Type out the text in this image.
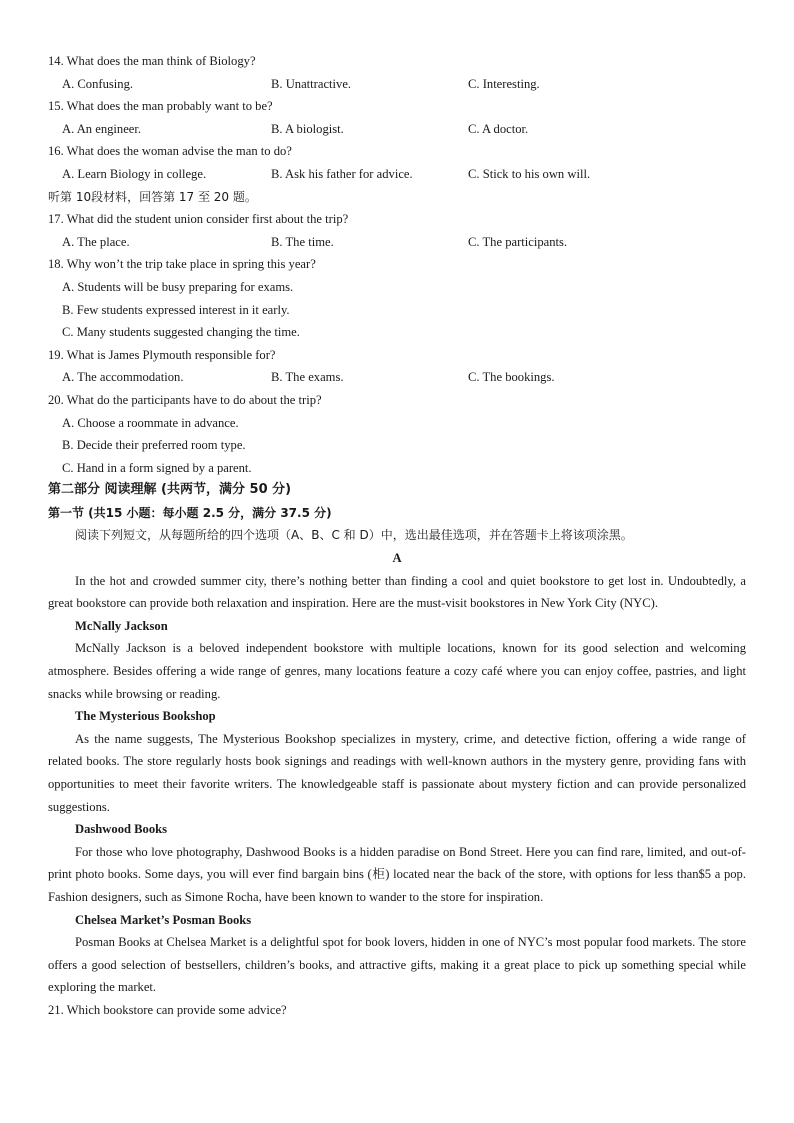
14. What does the man think of Biology?
A. Confusing.	B. Unattractive.	C. Interesting.
15. What does the man probably want to be?
A. An engineer.	B. A biologist.	C. A doctor.
16. What does the woman advise the man to do?
A. Learn Biology in college.	B. Ask his father for advice.	C. Stick to his own will.
听第 10段材料，回答第 17 至 20 题。
17. What did the student union consider first about the trip?
A. The place.	B. The time.	C. The participants.
18. Why won’t the trip take place in spring this year?
A. Students will be busy preparing for exams.
B. Few students expressed interest in it early.
C. Many students suggested changing the time.
19. What is James Plymouth responsible for?
A. The accommodation.	B. The exams.	C. The bookings.
20. What do the participants have to do about the trip?
A. Choose a roommate in advance.
B. Decide their preferred room type.
C. Hand in a form signed by a parent.
第二部分 阅读理解 (共两节，满分 50 分)
第一节 (共15 小题：每小题 2.5 分，满分 37.5 分)
阅读下列短文，从每题所给的四个选项（A、B、C 和 D）中，选出最佳选项，并在答题卡上将该项涂黑。
A

In the hot and crowded summer city, there’s nothing better than finding a cool and quiet bookstore to get lost in. Undoubtedly, a great bookstore can provide both relaxation and inspiration. Here are the must-visit bookstores in New York City (NYC).

McNally Jackson

McNally Jackson is a beloved independent bookstore with multiple locations, known for its good selection and welcoming atmosphere. Besides offering a wide range of genres, many locations feature a cozy café where you can enjoy coffee, pastries, and light snacks while browsing or reading.

The Mysterious Bookshop

As the name suggests, The Mysterious Bookshop specializes in mystery, crime, and detective fiction, offering a wide range of related books. The store regularly hosts book signings and readings with well-known authors in the mystery genre, providing fans with opportunities to meet their favorite writers. The knowledgeable staff is passionate about mystery fiction and can provide personalized suggestions.

Dashwood Books

For those who love photography, Dashwood Books is a hidden paradise on Bond Street. Here you can find rare, limited, and out-of-print photo books. Some days, you will ever find bargain bins (柜) located near the back of the store, with options for less than$5 a pop. Fashion designers, such as Simone Rocha, have been known to wander to the store for inspiration.

Chelsea Market’s Posman Books

Posman Books at Chelsea Market is a delightful spot for book lovers, hidden in one of NYC’s most popular food markets. The store offers a good selection of bestsellers, children’s books, and attractive gifts, making it a great place to pick up something special while exploring the market.

21. Which bookstore can provide some advice?
